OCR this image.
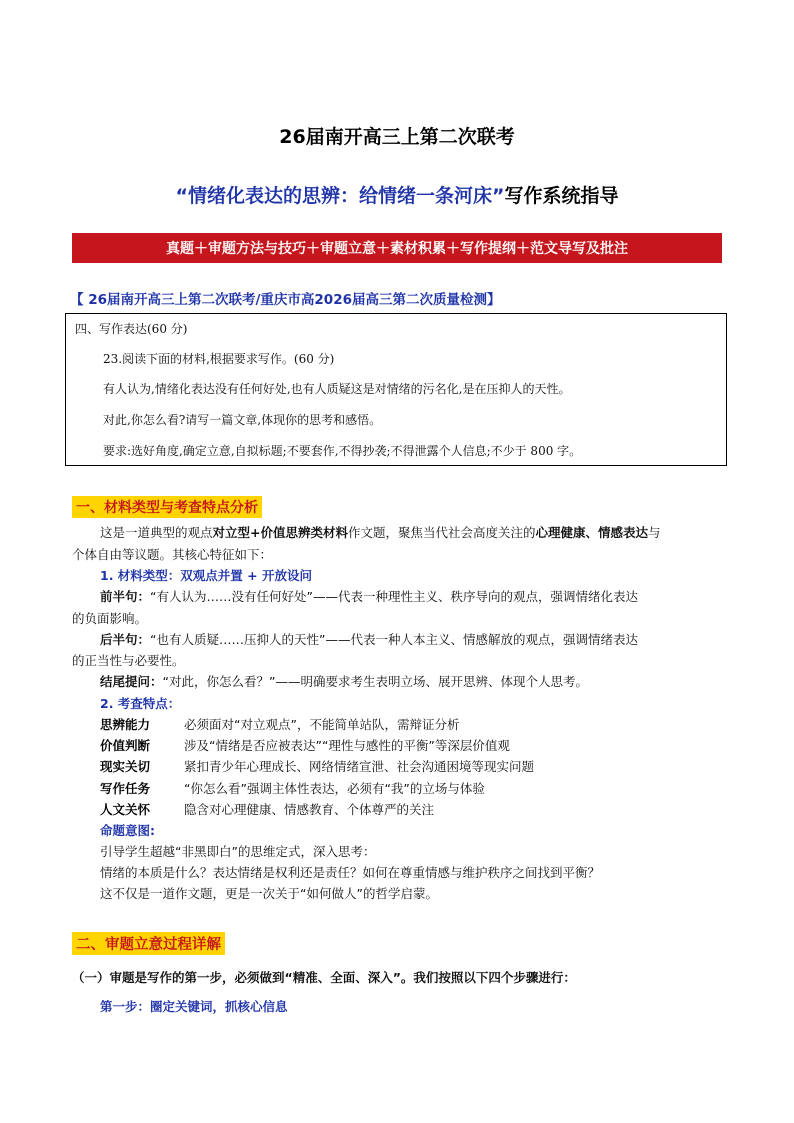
26届南开高三上第二次联考
“情绪化表达的思辨：给情绪一条河床”写作系统指导
真题＋审题方法与技巧＋审题立意＋素材积累＋写作提纲＋范文导写及批注
【 26届南开高三上第二次联考/重庆市高2026届高三第二次质量检测】
四、写作表达(60 分)
23.阅读下面的材料,根据要求写作。(60 分)
有人认为,情绪化表达没有任何好处,也有人质疑这是对情绪的污名化,是在压抑人的天性。
对此,你怎么看?请写一篇文章,体现你的思考和感悟。
要求:选好角度,确定立意,自拟标题;不要套作,不得抄袭;不得泄露个人信息;不少于 800 字。
一、材料类型与考查特点分析
这是一道典型的观点对立型+价值思辨类材料作文题，聚焦当代社会高度关注的心理健康、情感表达与
个体自由等议题。其核心特征如下：
1. 材料类型：双观点并置 + 开放设问
前半句：“有人认为……没有任何好处”——代表一种理性主义、秩序导向的观点，强调情绪化表达
的负面影响。
后半句：“也有人质疑……压抑人的天性”——代表一种人本主义、情感解放的观点，强调情绪表达
的正当性与必要性。
结尾提问：“对此，你怎么看？”——明确要求考生表明立场、展开思辨、体现个人思考。
2. 考查特点：
思辨能力	必须面对“对立观点”，不能简单站队，需辩证分析
价值判断	涉及“情绪是否应被表达”“理性与感性的平衡”等深层价值观
现实关切	紧扣青少年心理成长、网络情绪宣泄、社会沟通困境等现实问题
写作任务	“你怎么看”强调主体性表达，必须有“我”的立场与体验
人文关怀	隐含对心理健康、情感教育、个体尊严的关注
命题意图:
引导学生超越“非黑即白”的思维定式，深入思考：
情绪的本质是什么？表达情绪是权利还是责任？如何在尊重情感与维护秩序之间找到平衡？
这不仅是一道作文题，更是一次关于“如何做人”的哲学启蒙。
二、审题立意过程详解
（一）审题是写作的第一步，必须做到“精准、全面、深入”。我们按照以下四个步骤进行：
第一步：圈定关键词，抓核心信息
